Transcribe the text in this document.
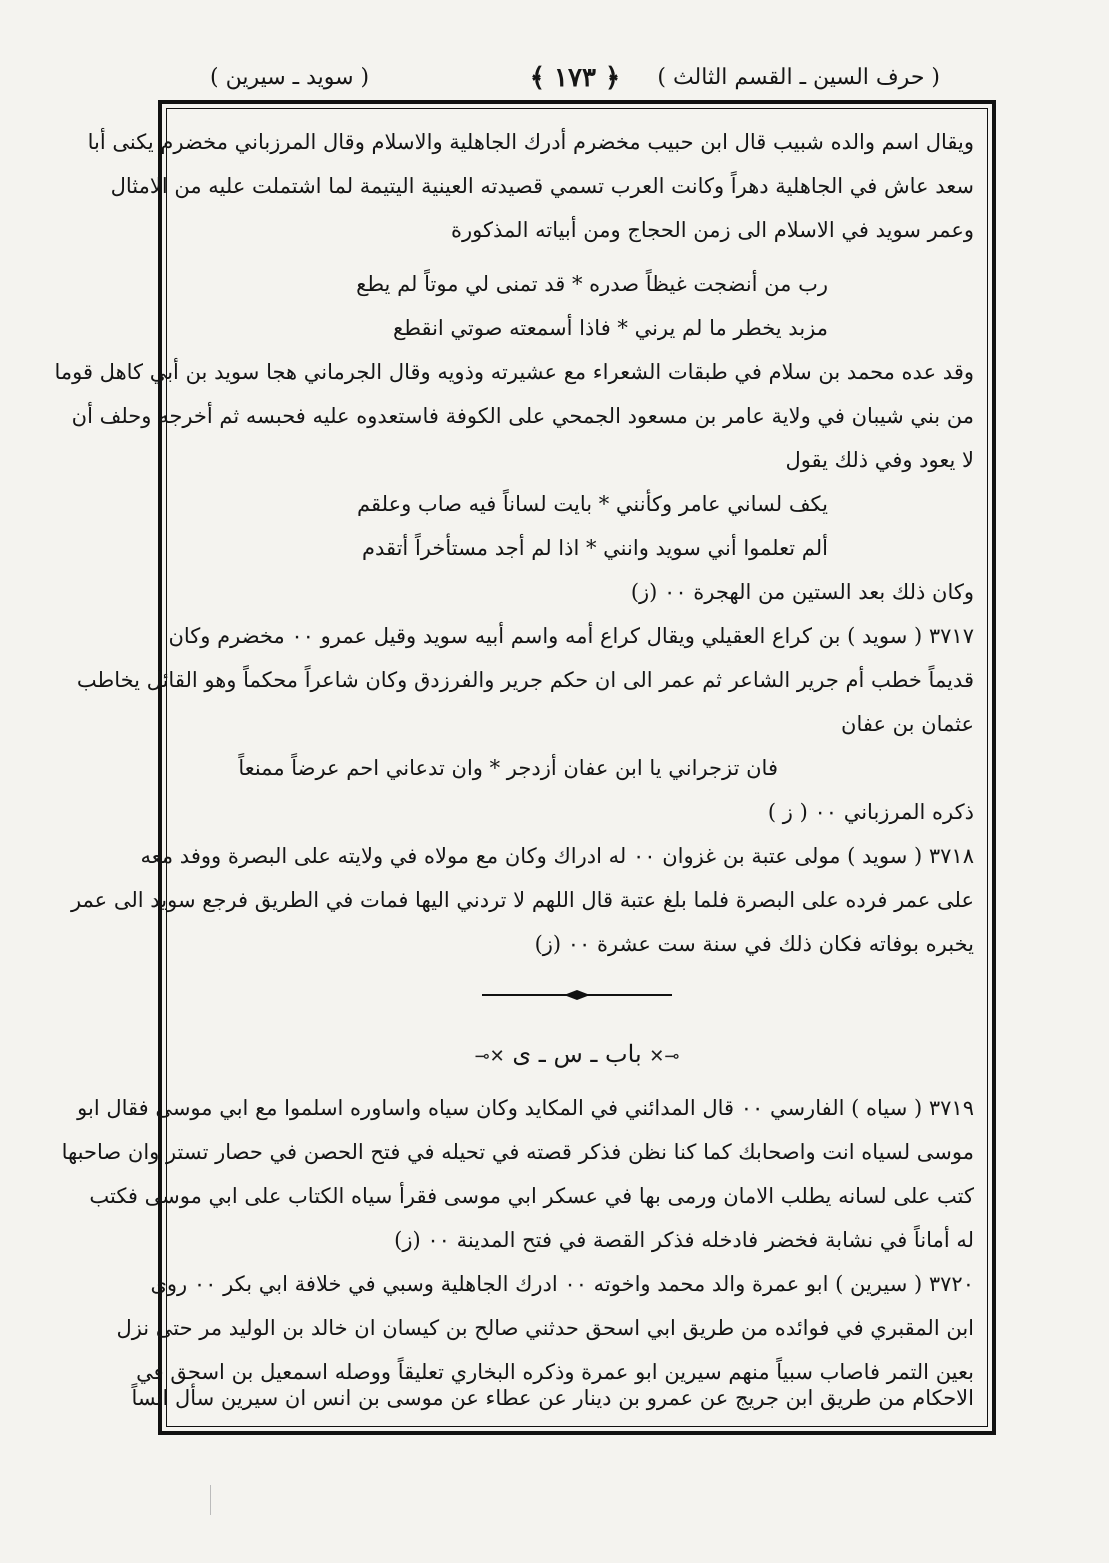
( حرف السين ـ القسم الثالث )
﴿ ١٧٣ ﴾
( سويد ـ سيرين )
ويقال اسم والده شبيب قال ابن حبيب مخضرم أدرك الجاهلية والاسلام وقال المرزباني مخضرم يكنى أبا
سعد عاش في الجاهلية دهراً وكانت العرب تسمي قصيدته العينية اليتيمة لما اشتملت عليه من الامثال
وعمر سويد في الاسلام الى زمن الحجاج ومن أبياته المذكورة
رب من أنضجت غيظاً صدره * قد تمنى لي موتاً لم يطع
مزبد يخطر ما لم يرني * فاذا أسمعته صوتي انقطع
وقد عده محمد بن سلام في طبقات الشعراء مع عشيرته وذويه وقال الجرماني هجا سويد بن أبي كاهل قوما
من بني شيبان في ولاية عامر بن مسعود الجمحي على الكوفة فاستعدوه عليه فحبسه ثم أخرجه وحلف أن
لا يعود وفي ذلك يقول
يكف لساني عامر وكأنني * بايت لساناً فيه صاب وعلقم
ألم تعلموا أني سويد وانني * اذا لم أجد مستأخراً أتقدم
وكان ذلك بعد الستين من الهجرة ٠٠ (ز)
٣٧١٧ ( سويد ) بن كراع العقيلي ويقال كراع أمه واسم أبيه سويد وقيل عمرو ٠٠ مخضرم وكان
قديماً خطب أم جرير الشاعر ثم عمر الى ان حكم جرير والفرزدق وكان شاعراً محكماً وهو القائل يخاطب
عثمان بن عفان
فان تزجراني يا ابن عفان أزدجر * وان تدعاني احم عرضاً ممنعاً
ذكره المرزباني ٠٠ ( ز )
٣٧١٨ ( سويد ) مولى عتبة بن غزوان ٠٠ له ادراك وكان مع مولاه في ولايته على البصرة ووفد معه
على عمر فرده على البصرة فلما بلغ عتبة قال اللهم لا تردني اليها فمات في الطريق فرجع سويد الى عمر
يخبره بوفاته فكان ذلك في سنة ست عشرة ٠٠ (ز)
⊸✕ باب ـ س ـ ى ✕⊸
٣٧١٩ ( سياه ) الفارسي ٠٠ قال المدائني في المكايد وكان سياه واساوره اسلموا مع ابي موسى فقال ابو
موسى لسياه انت واصحابك كما كنا نظن فذكر قصته في تحيله في فتح الحصن في حصار تستر وان صاحبها
كتب على لسانه يطلب الامان ورمى بها في عسكر ابي موسى فقرأ سياه الكتاب على ابي موسى فكتب
له أماناً في نشابة فخضر فادخله فذكر القصة في فتح المدينة ٠٠ (ز)
٣٧٢٠ ( سيرين ) ابو عمرة والد محمد واخوته ٠٠ ادرك الجاهلية وسبي في خلافة ابي بكر ٠٠ روى
ابن المقبري في فوائده من طريق ابي اسحق حدثني صالح بن كيسان ان خالد بن الوليد مر حتى نزل
بعين التمر فاصاب سبياً منهم سيرين ابو عمرة وذكره البخاري تعليقاً ووصله اسمعيل بن اسحق في
الاحكام من طريق ابن جريج عن عمرو بن دينار عن عطاء عن موسى بن انس ان سيرين سأل انساً
